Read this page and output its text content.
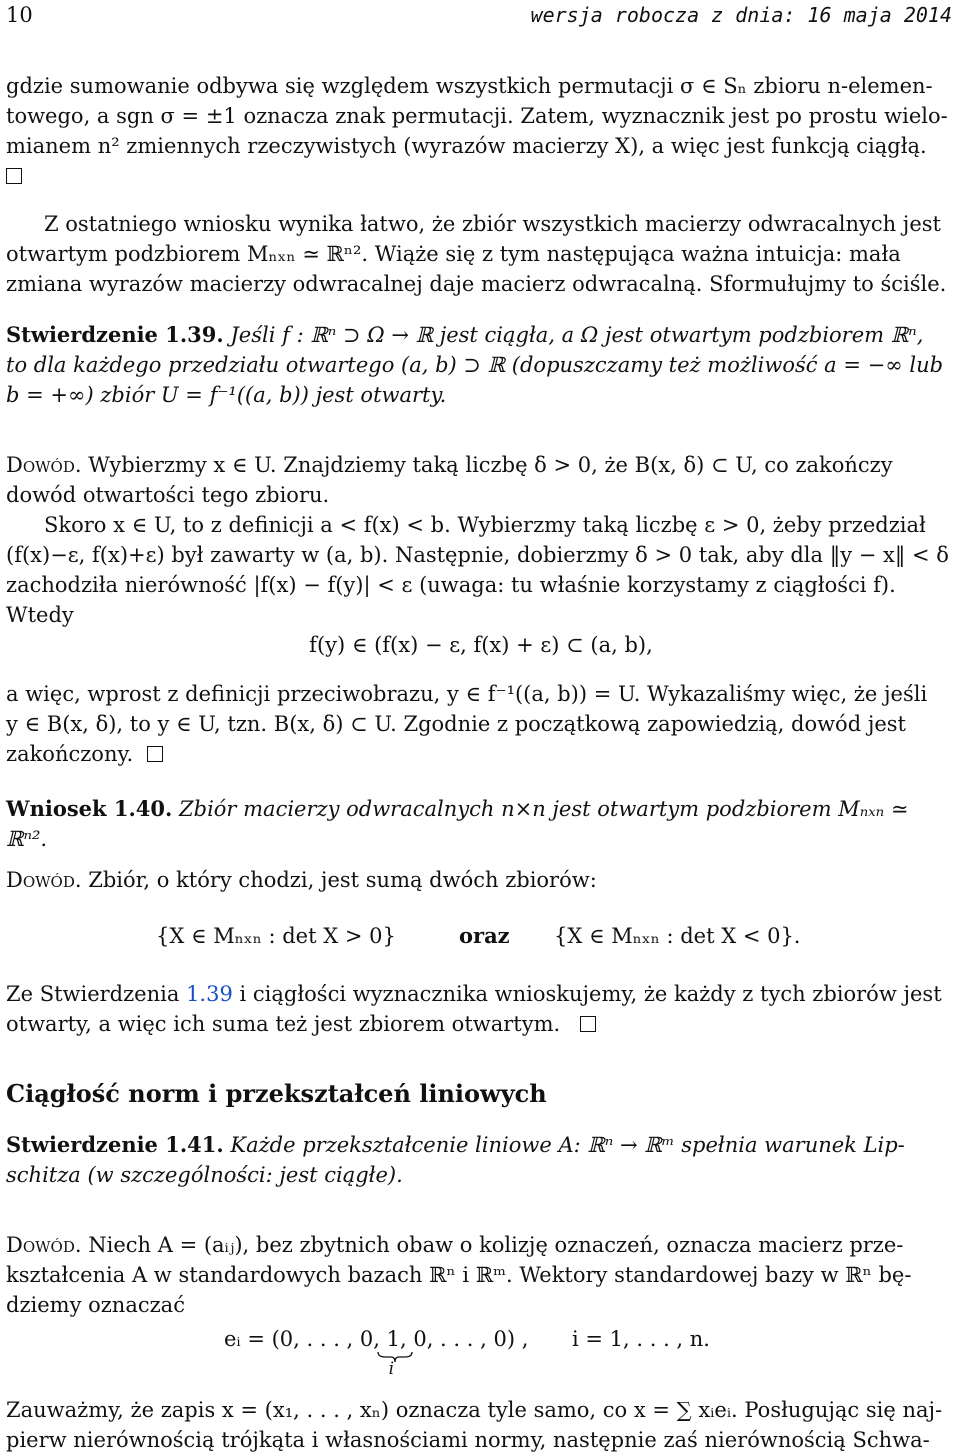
10	wersja robocza z dnia: 16 maja 2014
gdzie sumowanie odbywa się względem wszystkich permutacji σ ∈ Sₙ zbioru n-elemen-
towego, a sgn σ = ±1 oznacza znak permutacji. Zatem, wyznacznik jest po prostu wielo-
mianem n² zmiennych rzeczywistych (wyrazów macierzy X), a więc jest funkcją ciągłą.
Z ostatniego wniosku wynika łatwo, że zbiór wszystkich macierzy odwracalnych jest
otwartym podzbiorem Mₙₓₙ ≃ ℝⁿ². Wiąże się z tym następująca ważna intuicja: mała
zmiana wyrazów macierzy odwracalnej daje macierz odwracalną. Sformułujmy to ściśle.
Stwierdzenie 1.39. Jeśli f : ℝⁿ ⊃ Ω → ℝ jest ciągła, a Ω jest otwartym podzbiorem ℝⁿ,
to dla każdego przedziału otwartego (a, b) ⊃ ℝ (dopuszczamy też możliwość a = −∞ lub
b = +∞) zbiór U = f⁻¹((a, b)) jest otwarty.
Dowód. Wybierzmy x ∈ U. Znajdziemy taką liczbę δ > 0, że B(x, δ) ⊂ U, co zakończy
dowód otwartości tego zbioru.
Skoro x ∈ U, to z definicji a < f(x) < b. Wybierzmy taką liczbę ε > 0, żeby przedział
(f(x)−ε, f(x)+ε) był zawarty w (a, b). Następnie, dobierzmy δ > 0 tak, aby dla ‖y − x‖ < δ
zachodziła nierówność |f(x) − f(y)| < ε (uwaga: tu właśnie korzystamy z ciągłości f).
Wtedy
f(y) ∈ (f(x) − ε, f(x) + ε) ⊂ (a, b),
a więc, wprost z definicji przeciwobrazu, y ∈ f⁻¹((a, b)) = U. Wykazaliśmy więc, że jeśli
y ∈ B(x, δ), to y ∈ U, tzn. B(x, δ) ⊂ U. Zgodnie z początkową zapowiedzią, dowód jest
zakończony.
Wniosek 1.40. Zbiór macierzy odwracalnych n×n jest otwartym podzbiorem Mₙₓₙ ≃ ℝⁿ².
Dowód. Zbiór, o który chodzi, jest sumą dwóch zbiorów:
{X ∈ Mₙₓₙ : det X > 0}	oraz {X ∈ Mₙₓₙ : det X < 0}.
Ze Stwierdzenia 1.39 i ciągłości wyznacznika wnioskujemy, że każdy z tych zbiorów jest
otwarty, a więc ich suma też jest zbiorem otwartym.
Ciągłość norm i przekształceń liniowych
Stwierdzenie 1.41. Każde przekształcenie liniowe A: ℝⁿ → ℝᵐ spełnia warunek Lip-
schitza (w szczególności: jest ciągłe).
Dowód. Niech A = (aᵢⱼ), bez zbytnich obaw o kolizję oznaczeń, oznacza macierz prze-
kształcenia A w standardowych bazach ℝⁿ i ℝᵐ. Wektory standardowej bazy w ℝⁿ bę-
dziemy oznaczać
eᵢ = (0, . . . , 0, 1
i
, 0, . . . , 0) , i = 1, . . . , n.
Zauważmy, że zapis x = (x₁, . . . , xₙ) oznacza tyle samo, co x = ∑ xᵢeᵢ. Posługując się naj-
pierw nierównością trójkąta i własnościami normy, następnie zaś nierównością Schwa-
